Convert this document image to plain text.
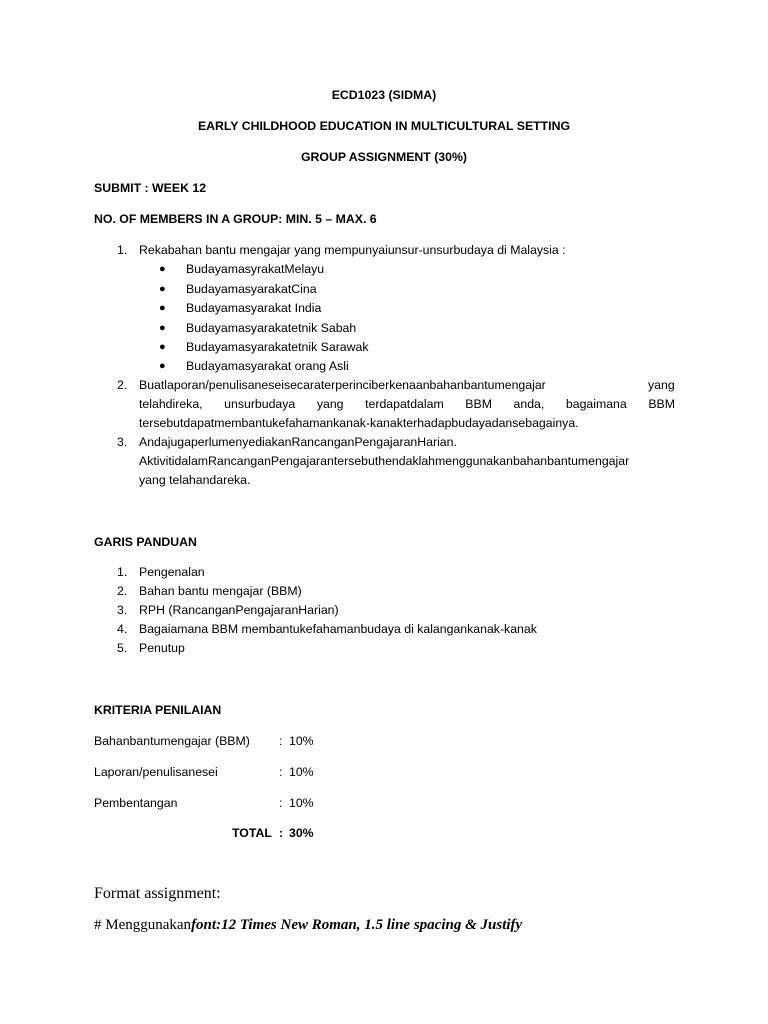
ECD1023 (SIDMA)
EARLY CHILDHOOD EDUCATION IN MULTICULTURAL SETTING
GROUP ASSIGNMENT (30%)
SUBMIT : WEEK 12
NO. OF MEMBERS IN A GROUP: MIN. 5 – MAX. 6
1. Rekabahan bantu mengajar yang mempunyaiunsur-unsurbudaya di Malaysia :
● BudayamasyrakatMelayu
● BudayamasyarakatCina
● Budayamasyarakat India
● Budayamasyarakatetnik Sabah
● Budayamasyarakatetnik Sarawak
● Budayamasyarakat orang Asli
2. Buatlaporan/penulisaneseisecaraterperinciberkenaanbahanbantumengajar	yang
telahdireka, unsurbudaya yang terdapatdalam BBM anda, bagaimana BBM
tersebutdapatmembantukefahamankanak-kanakterhadapbudayadansebagainya.
3. AndajugaperlumenyediakanRancanganPengajaranHarian.
AktivitidalamRancanganPengajarantersebuthendaklahmenggunakanbahanbantumengajar
yang telahandareka.
GARIS PANDUAN
1. Pengenalan
2. Bahan bantu mengajar (BBM)
3. RPH (RancanganPengajaranHarian)
4. Bagaiamana BBM membantukefahamanbudaya di kalangankanak-kanak
5. Penutup
KRITERIA PENILAIAN
Bahanbantumengajar (BBM) : 10%
Laporan/penulisanesei	: 10%
Pembentangan	: 10%
TOTAL : 30%
Format assignment:
# Menggunakanfont:12 Times New Roman, 1.5 line spacing & Justify
